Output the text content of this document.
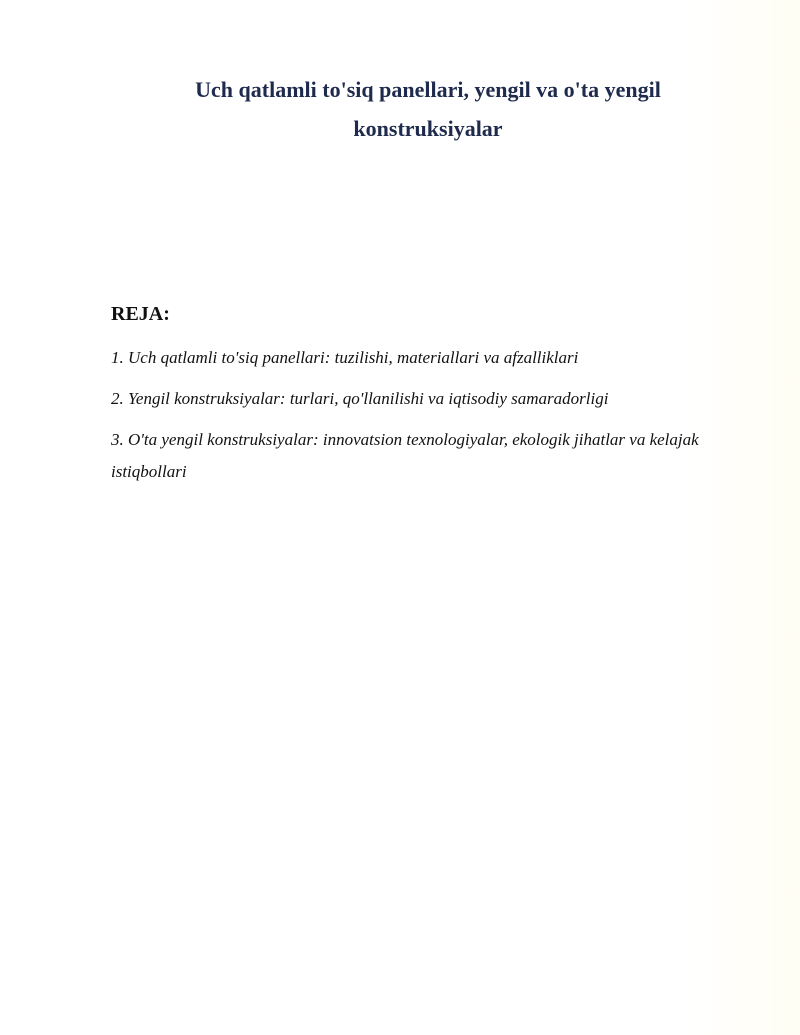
Uch qatlamli to'siq panellari, yengil va o'ta yengil konstruksiyalar

REJA:

1. Uch qatlamli to'siq panellari: tuzilishi, materiallari va afzalliklari
2. Yengil konstruksiyalar: turlari, qo'llanilishi va iqtisodiy samaradorligi
3. O'ta yengil konstruksiyalar: innovatsion texnologiyalar, ekologik jihatlar va kelajak istiqbollari
